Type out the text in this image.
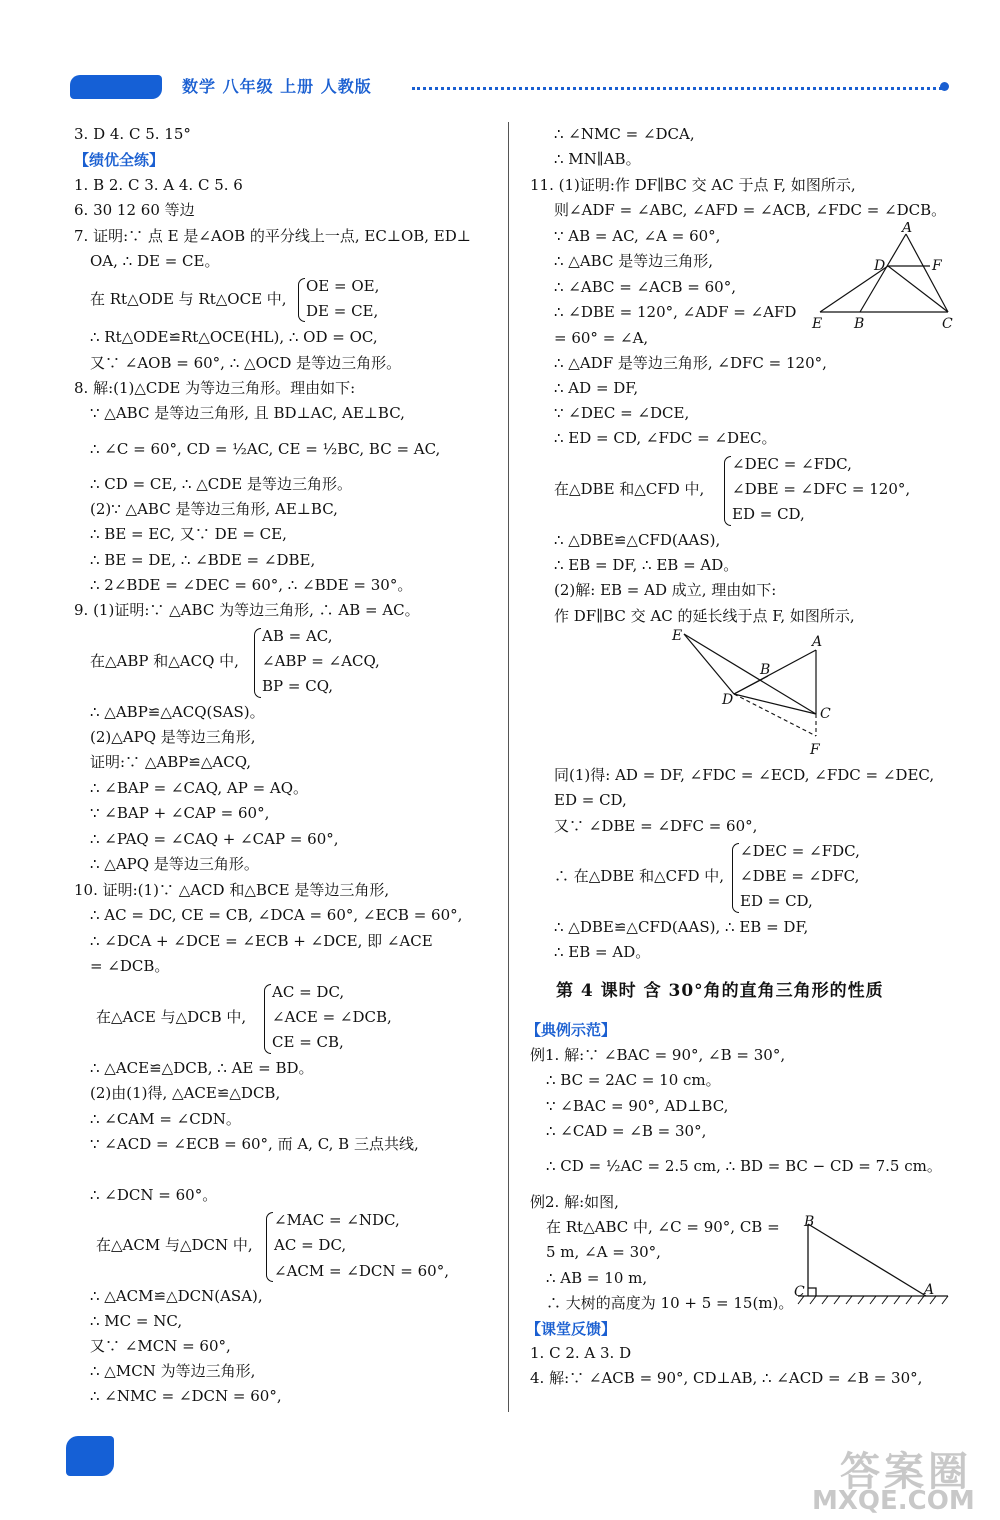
数学 八年级 上册 人教版
3. D 4. C 5. 15°
【绩优全练】
1. B 2. C 3. A 4. C 5. 6
6. 30 12 60 等边
7. 证明:∵ 点 E 是∠AOB 的平分线上一点, EC⊥OB, ED⊥
OA, ∴ DE = CE。
在 Rt△ODE 与 Rt△OCE 中,
OE = OE,
DE = CE,
∴ Rt△ODE≌Rt△OCE(HL), ∴ OD = OC,
又∵ ∠AOB = 60°, ∴ △OCD 是等边三角形。
8. 解:(1)△CDE 为等边三角形。理由如下:
∵ △ABC 是等边三角形, 且 BD⊥AC, AE⊥BC,
∴ ∠C = 60°, CD = ½AC, CE = ½BC, BC = AC,
∴ CD = CE, ∴ △CDE 是等边三角形。
(2)∵ △ABC 是等边三角形, AE⊥BC,
∴ BE = EC, 又∵ DE = CE,
∴ BE = DE, ∴ ∠BDE = ∠DBE,
∴ 2∠BDE = ∠DEC = 60°, ∴ ∠BDE = 30°。
9. (1)证明:∵ △ABC 为等边三角形, ∴ AB = AC。
AB = AC,
在△ABP 和△ACQ 中, ∠ABP = ∠ACQ,
BP = CQ,
∴ △ABP≌△ACQ(SAS)。
(2)△APQ 是等边三角形,
证明:∵ △ABP≌△ACQ,
∴ ∠BAP = ∠CAQ, AP = AQ。
∵ ∠BAP + ∠CAP = 60°,
∴ ∠PAQ = ∠CAQ + ∠CAP = 60°,
∴ △APQ 是等边三角形。
10. 证明:(1)∵ △ACD 和△BCE 是等边三角形,
∴ AC = DC, CE = CB, ∠DCA = 60°, ∠ECB = 60°,
∴ ∠DCA + ∠DCE = ∠ECB + ∠DCE, 即 ∠ACE
= ∠DCB。
AC = DC,
在△ACE 与△DCB 中, ∠ACE = ∠DCB,
CE = CB,
∴ △ACE≌△DCB, ∴ AE = BD。
(2)由(1)得, △ACE≌△DCB,
∴ ∠CAM = ∠CDN。
∵ ∠ACD = ∠ECB = 60°, 而 A, C, B 三点共线,
∴ ∠DCN = 60°。
∠MAC = ∠NDC,
在△ACM 与△DCN 中, AC = DC,
∠ACM = ∠DCN = 60°,
∴ △ACM≌△DCN(ASA),
∴ MC = NC,
又∵ ∠MCN = 60°,
∴ △MCN 为等边三角形,
∴ ∠NMC = ∠DCN = 60°,
∴ ∠NMC = ∠DCA,
∴ MN∥AB。
11. (1)证明:作 DF∥BC 交 AC 于点 F, 如图所示,
则∠ADF = ∠ABC, ∠AFD = ∠ACB, ∠FDC = ∠DCB。
∵ AB = AC, ∠A = 60°,
∴ △ABC 是等边三角形,
∴ ∠ABC = ∠ACB = 60°,
∴ ∠DBE = 120°, ∠ADF = ∠AFD
= 60° = ∠A,
∴ △ADF 是等边三角形, ∠DFC = 120°,
∴ AD = DF,
∵ ∠DEC = ∠DCE,
∴ ED = CD, ∠FDC = ∠DEC。
∠DEC = ∠FDC,
在△DBE 和△CFD 中, ∠DBE = ∠DFC = 120°,
ED = CD,
∴ △DBE≌△CFD(AAS),
∴ EB = DF, ∴ EB = AD。
(2)解: EB = AD 成立, 理由如下:
作 DF∥BC 交 AC 的延长线于点 F, 如图所示,
同(1)得: AD = DF, ∠FDC = ∠ECD, ∠FDC = ∠DEC,
ED = CD,
又∵ ∠DBE = ∠DFC = 60°,
∠DEC = ∠FDC,
∴ 在△DBE 和△CFD 中, ∠DBE = ∠DFC,
ED = CD,
∴ △DBE≌△CFD(AAS), ∴ EB = DF,
∴ EB = AD。
第 4 课时 含 30°角的直角三角形的性质
【典例示范】
例1. 解:∵ ∠BAC = 90°, ∠B = 30°,
∴ BC = 2AC = 10 cm。
∵ ∠BAC = 90°, AD⊥BC,
∴ ∠CAD = ∠B = 30°,
∴ CD = ½AC = 2.5 cm, ∴ BD = BC − CD = 7.5 cm。
例2. 解:如图,
在 Rt△ABC 中, ∠C = 90°, CB =
5 m, ∠A = 30°,
∴ AB = 10 m,
∴ 大树的高度为 10 + 5 = 15(m)。
【课堂反馈】
1. C 2. A 3. D
4. 解:∵ ∠ACB = 90°, CD⊥AB, ∴ ∠ACD = ∠B = 30°,
A
D	F
E B	C
E	A
B
D
C
F
B
C	A
答案圈
MXQE.COM
